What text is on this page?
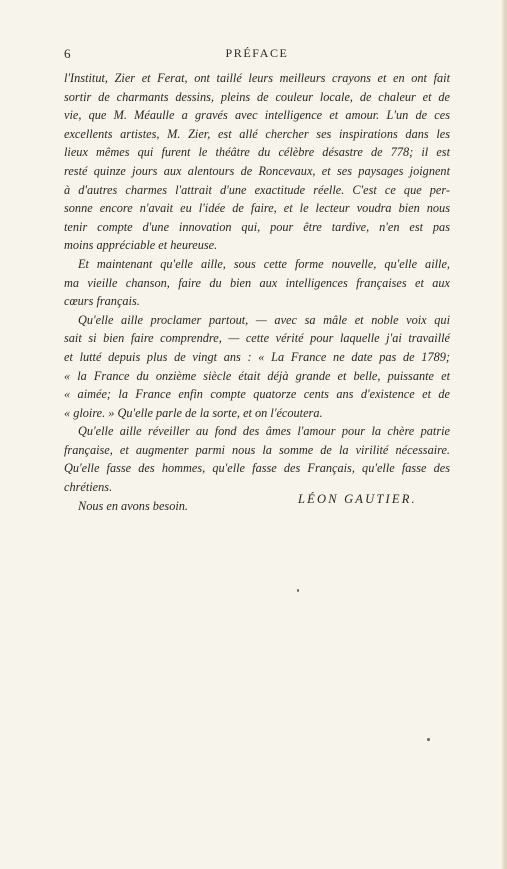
6	PRÉFACE
l'Institut, Zier et Ferat, ont taillé leurs meilleurs crayons et en ont fait
sortir de charmants dessins, pleins de couleur locale, de chaleur et de
vie, que M. Méaulle a gravés avec intelligence et amour. L'un de ces
excellents artistes, M. Zier, est allé chercher ses inspirations dans les
lieux mêmes qui furent le théâtre du célèbre désastre de 778; il est
resté quinze jours aux alentours de Roncevaux, et ses paysages joignent
à d'autres charmes l'attrait d'une exactitude réelle. C'est ce que per-
sonne encore n'avait eu l'idée de faire, et le lecteur voudra bien nous
tenir compte d'une innovation qui, pour être tardive, n'en est pas
moins appréciable et heureuse.
Et maintenant qu'elle aille, sous cette forme nouvelle, qu'elle aille,
ma vieille chanson, faire du bien aux intelligences françaises et aux
cœurs français.
Qu'elle aille proclamer partout, — avec sa mâle et noble voix qui
sait si bien faire comprendre, — cette vérité pour laquelle j'ai travaillé
et lutté depuis plus de vingt ans : « La France ne date pas de 1789;
« la France du onzième siècle était déjà grande et belle, puissante et
« aimée; la France enfin compte quatorze cents ans d'existence et de
« gloire. » Qu'elle parle de la sorte, et on l'écoutera.
Qu'elle aille réveiller au fond des âmes l'amour pour la chère patrie
française, et augmenter parmi nous la somme de la virilité nécessaire.
Qu'elle fasse des hommes, qu'elle fasse des Français, qu'elle fasse des
chrétiens.
Nous en avons besoin.	LÉON GAUTIER.
